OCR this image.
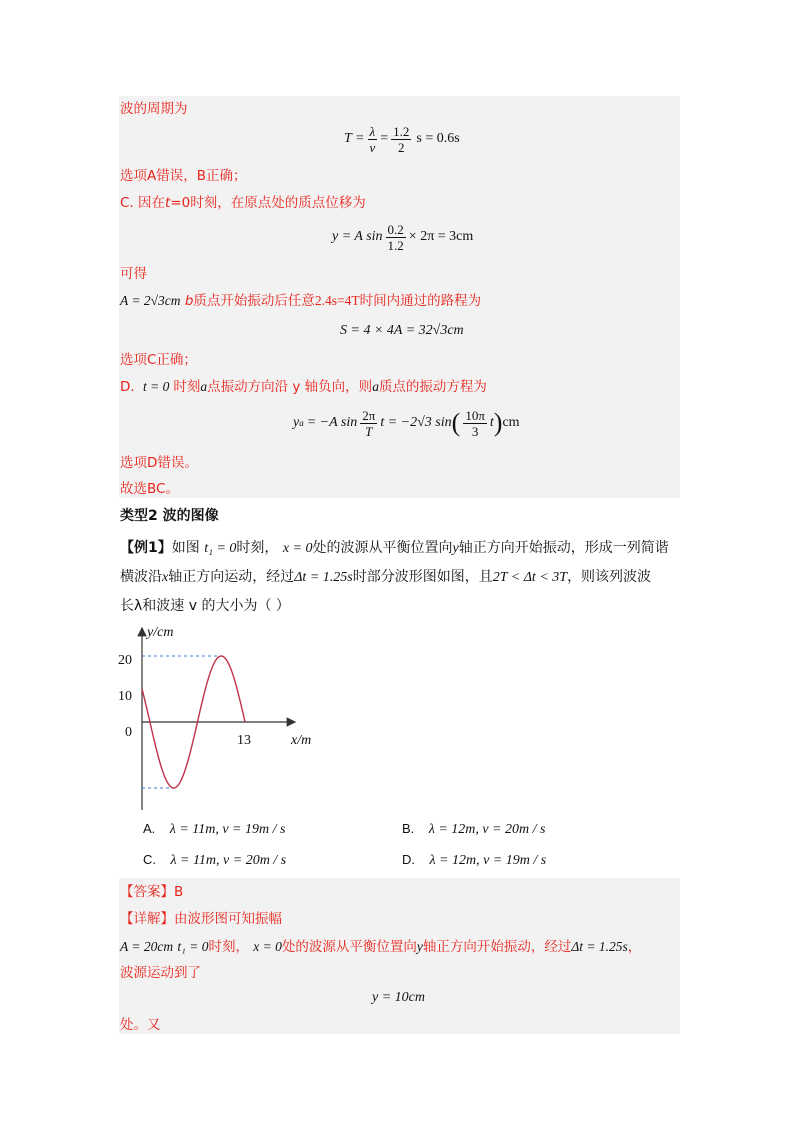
波的周期为
$T = \frac{\lambda}{v} = \frac{1.2}{2}$ s = 0.6s
选项A错误，B正确；
C. 因在t=0时刻，在原点处的质点位移为
y = A $\sin \frac{0.2}{1.2} \times 2\pi = 3cm$
可得
A = 2√3cm b质点开始振动后任意2.4s=4T时间内通过的路程为
S = 4 × 4A = 32√3cm
选项C正确；
D. t = 0 时刻a点振动方向沿 y 轴负向，则a质点的振动方程为
y a = −A $\sin \frac{2\pi}{T}$ t = −2√3 sin ( $\frac{10\pi}{3}$ t ) cm
选项D错误。
故选BC。
类型2 波的图像
【例1】如图 t₁ = 0时刻， x = 0处的波源从平衡位置向y轴正方向开始振动，形成一列简谐
横波沿x轴正方向运动，经过Δt = 1.25s时部分波形图如图，且2T < Δt < 3T，则该列波波
长λ和波速 v 的大小为（ ）
y/cm
x/m
20
10
0
13
A. λ = 11m, v = 19m / s	B. λ = 12m, v = 20m / s
C. λ = 11m, v = 20m / s	D. λ = 12m, v = 19m / s
【答案】B
【详解】由波形图可知振幅
A = 20cm t₁ = 0时刻， x = 0处的波源从平衡位置向y轴正方向开始振动，经过Δt = 1.25s，
波源运动到了
y = 10cm
处。又
